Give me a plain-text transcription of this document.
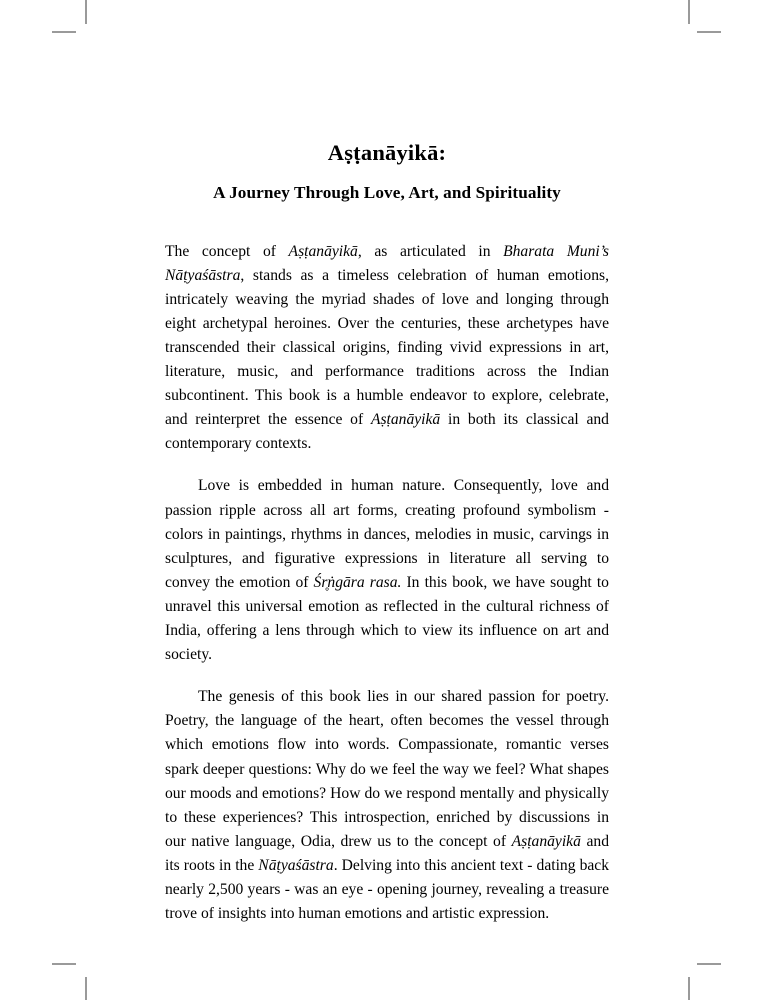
Aṣṭanāyikā:
A Journey Through Love, Art, and Spirituality

The concept of Aṣṭanāyikā, as articulated in Bharata Muni’s Nāṭyaśāstra, stands as a timeless celebration of human emotions, intricately weaving the myriad shades of love and longing through eight archetypal heroines. Over the centuries, these archetypes have transcended their classical origins, finding vivid expressions in art, literature, music, and performance traditions across the Indian subcontinent. This book is a humble endeavor to explore, celebrate, and reinterpret the essence of Aṣṭanāyikā in both its classical and contemporary contexts.

Love is embedded in human nature. Consequently, love and passion ripple across all art forms, creating profound symbolism - colors in paintings, rhythms in dances, melodies in music, carvings in sculptures, and figurative expressions in literature all serving to convey the emotion of Śr̥ṅgāra rasa. In this book, we have sought to unravel this universal emotion as reflected in the cultural richness of India, offering a lens through which to view its influence on art and society.

The genesis of this book lies in our shared passion for poetry. Poetry, the language of the heart, often becomes the vessel through which emotions flow into words. Compassionate, romantic verses spark deeper questions: Why do we feel the way we feel? What shapes our moods and emotions? How do we respond mentally and physically to these experiences? This introspection, enriched by discussions in our native language, Odia, drew us to the concept of Aṣṭanāyikā and its roots in the Nāṭyaśāstra. Delving into this ancient text - dating back nearly 2,500 years - was an eye - opening journey, revealing a treasure trove of insights into human emotions and artistic expression.
